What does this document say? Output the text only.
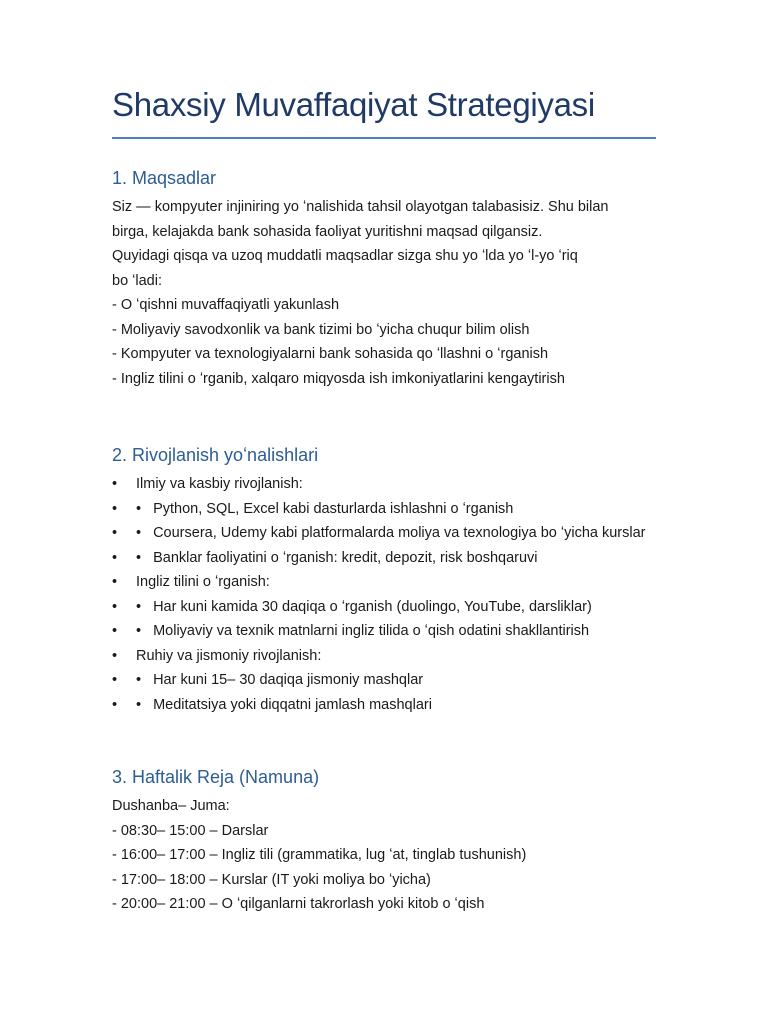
Shaxsiy Muvaffaqiyat Strategiyasi
1. Maqsadlar

Siz — kompyuter injiniring yo ʻnalishida tahsil olayotgan talabasisiz. Shu bilan

birga, kelajakda bank sohasida faoliyat yuritishni maqsad qilgansiz.

Quyidagi qisqa va uzoq muddatli maqsadlar sizga shu yo ʻlda yo ʻl-yo ʻriq

bo ʻladi:

- O ʻqishni muvaffaqiyatli yakunlash

- Moliyaviy savodxonlik va bank tizimi bo ʻyicha chuqur bilim olish

- Kompyuter va texnologiyalarni bank sohasida qo ʻllashni o ʻrganish

- Ingliz tilini o ʻrganib, xalqaro miqyosda ish imkoniyatlarini kengaytirish

2. Rivojlanish yoʻnalishlari
•	Ilmiy va kasbiy rivojlanish:
•	• Python, SQL, Excel kabi dasturlarda ishlashni o ʻrganish
•	• Coursera, Udemy kabi platformalarda moliya va texnologiya bo ʻyicha kurslar
•	• Banklar faoliyatini o ʻrganish: kredit, depozit, risk boshqaruvi
•	Ingliz tilini o ʻrganish:
•	• Har kuni kamida 30 daqiqa o ʻrganish (duolingo, YouTube, darsliklar)
•	• Moliyaviy va texnik matnlarni ingliz tilida o ʻqish odatini shakllantirish
•	Ruhiy va jismoniy rivojlanish:
•	• Har kuni 15– 30 daqiqa jismoniy mashqlar
•	• Meditatsiya yoki diqqatni jamlash mashqlari
3. Haftalik Reja (Namuna)

Dushanba– Juma:

- 08:30– 15:00 – Darslar

- 16:00– 17:00 – Ingliz tili (grammatika, lug ʻat, tinglab tushunish)

- 17:00– 18:00 – Kurslar (IT yoki moliya bo ʻyicha)

- 20:00– 21:00 – O ʻqilganlarni takrorlash yoki kitob o ʻqish
